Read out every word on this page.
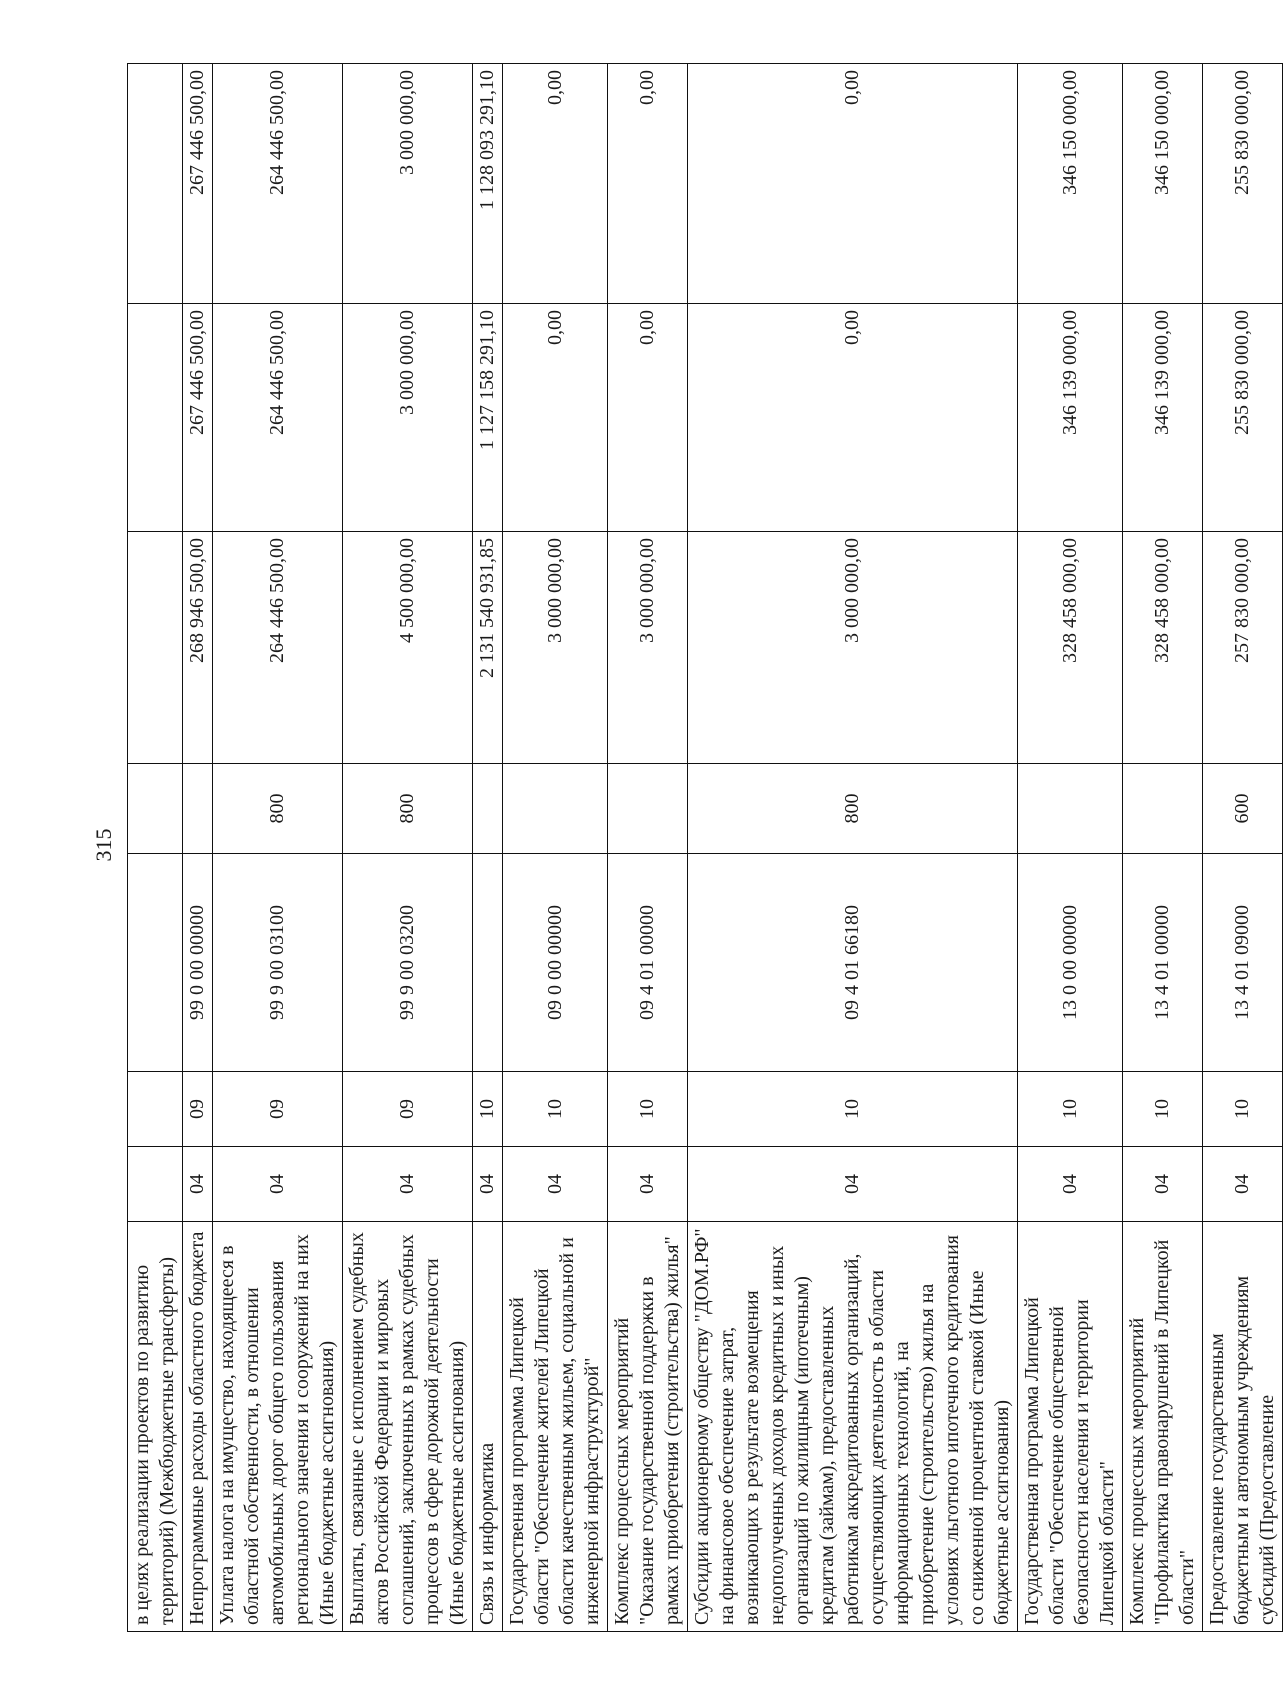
315
в целях реализации проектов по развитию территорий) (Межбюджетные трансферты)							
Непрограммные расходы областного бюджета	04	09	99 0 00 00000		268 946 500,00	267 446 500,00	267 446 500,00
Уплата налога на имущество, находящееся в областной собственности, в отношении автомобильных дорог общего пользования регионального значения и сооружений на них (Иные бюджетные ассигнования)	04	09	99 9 00 03100	800	264 446 500,00	264 446 500,00	264 446 500,00
Выплаты, связанные с исполнением судебных актов Российской Федерации и мировых соглашений, заключенных в рамках судебных процессов в сфере дорожной деятельности (Иные бюджетные ассигнования)	04	09	99 9 00 03200	800	4 500 000,00	3 000 000,00	3 000 000,00
Связь и информатика	04	10			2 131 540 931,85	1 127 158 291,10	1 128 093 291,10
Государственная программа Липецкой области "Обеспечение жителей Липецкой области качественным жильем, социальной и инженерной инфраструктурой"	04	10	09 0 00 00000		3 000 000,00	0,00	0,00
Комплекс процессных мероприятий "Оказание государственной поддержки в рамках приобретения (строительства) жилья"	04	10	09 4 01 00000		3 000 000,00	0,00	0,00
Субсидии акционерному обществу "ДОМ.РФ" на финансовое обеспечение затрат, возникающих в результате возмещения недополученных доходов кредитных и иных организаций по жилищным (ипотечным) кредитам (займам), предоставленных работникам аккредитованных организаций, осуществляющих деятельность в области информационных технологий, на приобретение (строительство) жилья на условиях льготного ипотечного кредитования со сниженной процентной ставкой (Иные бюджетные ассигнования)	04	10	09 4 01 66180	800	3 000 000,00	0,00	0,00
Государственная программа Липецкой области "Обеспечение общественной безопасности населения и территории Липецкой области"	04	10	13 0 00 00000		328 458 000,00	346 139 000,00	346 150 000,00
Комплекс процессных мероприятий "Профилактика правонарушений в Липецкой области"	04	10	13 4 01 00000		328 458 000,00	346 139 000,00	346 150 000,00
Предоставление государственным бюджетным и автономным учреждениям субсидий (Предоставление	04	10	13 4 01 09000	600	257 830 000,00	255 830 000,00	255 830 000,00
